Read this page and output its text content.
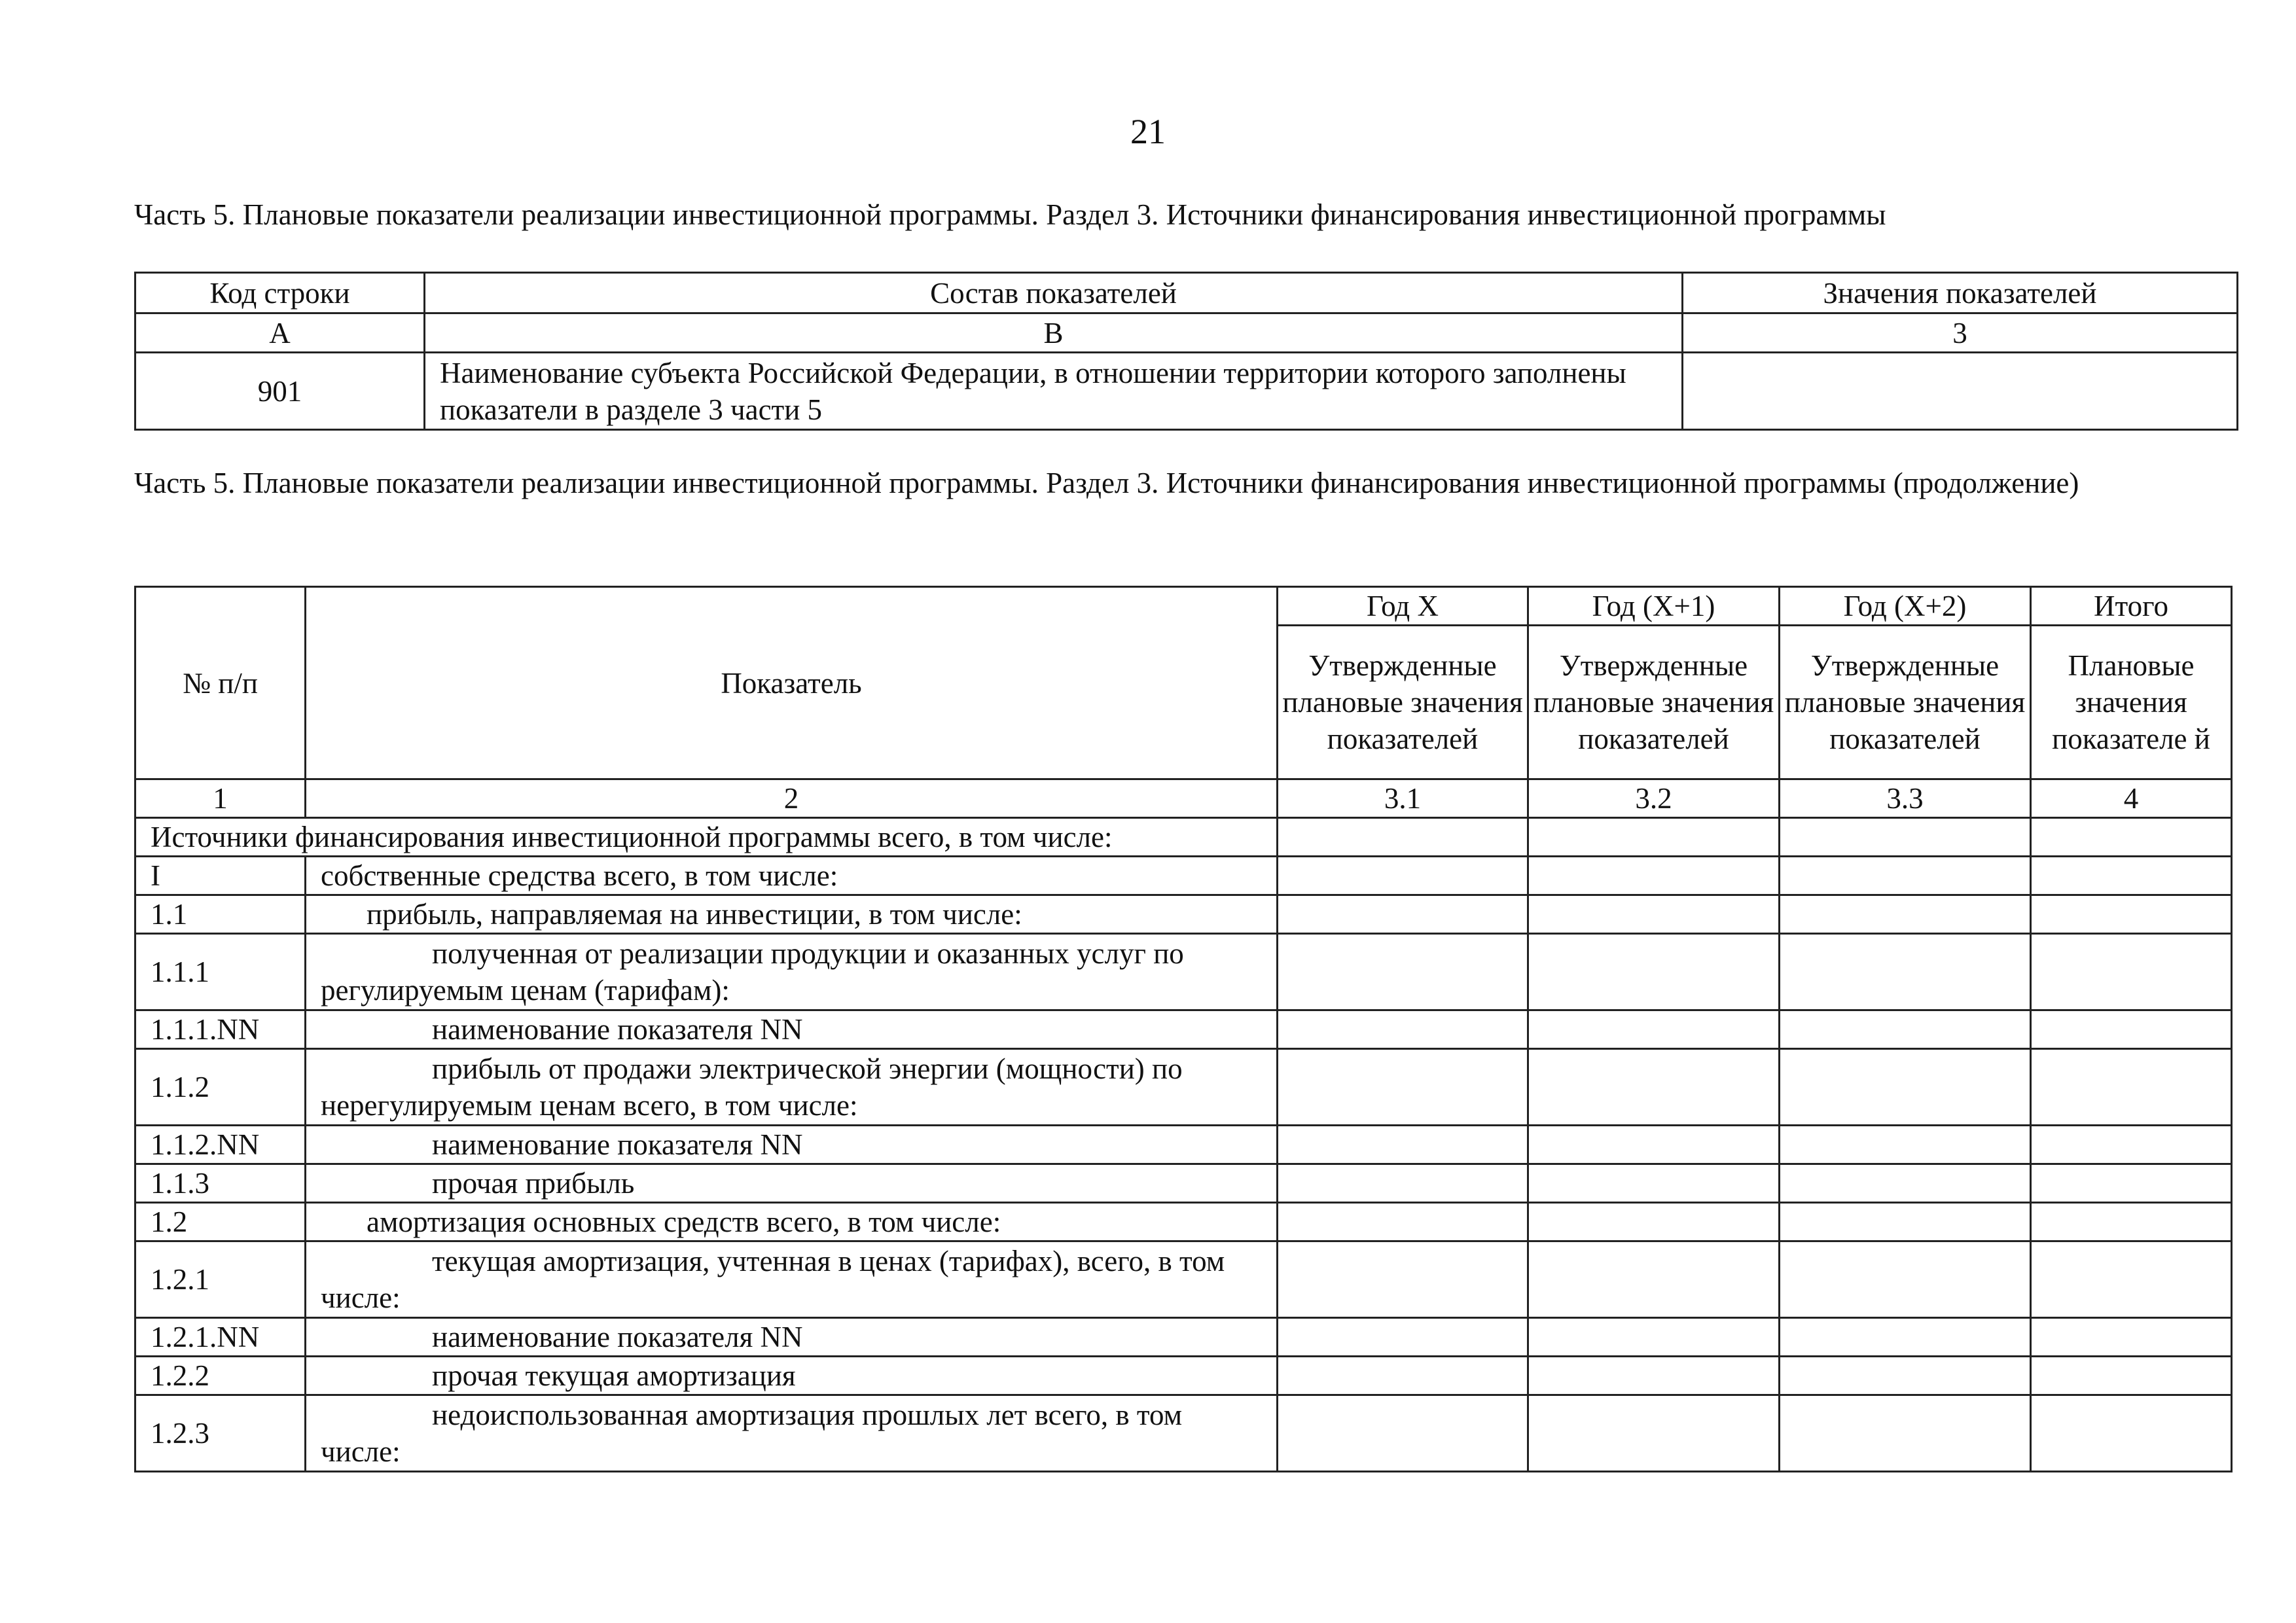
21
Часть 5. Плановые показатели реализации инвестиционной программы. Раздел 3. Источники финансирования инвестиционной программы
Код строки	Состав показателей	Значения показателей
А	В	3
901	Наименование субъекта Российской Федерации, в отношении территории которого заполнены показатели в разделе 3 части 5	
Часть 5. Плановые показатели реализации инвестиционной программы. Раздел 3. Источники финансирования инвестиционной программы (продолжение)
№ п/п	Показатель	Год X	Год (X+1)	Год (X+2)	Итого
		Утвержденные плановые значения показателей	Утвержденные плановые значения показателей	Утвержденные плановые значения показателей	Плановые значения показателе й
1	2	3.1	3.2	3.3	4
Источники финансирования инвестиционной программы всего, в том числе:					
I	собственные средства всего, в том числе:				
1.1	прибыль, направляемая на инвестиции, в том числе:				
1.1.1	полученная от реализации продукции и оказанных услуг по регулируемым ценам (тарифам):				
1.1.1.NN	наименование показателя NN				
1.1.2	прибыль от продажи электрической энергии (мощности) по нерегулируемым ценам всего, в том числе:				
1.1.2.NN	наименование показателя NN				
1.1.3	прочая прибыль				
1.2	амортизация основных средств всего, в том числе:				
1.2.1	текущая амортизация, учтенная в ценах (тарифах), всего, в том числе:				
1.2.1.NN	наименование показателя NN				
1.2.2	прочая текущая амортизация				
1.2.3	недоиспользованная амортизация прошлых лет всего, в том числе:				
